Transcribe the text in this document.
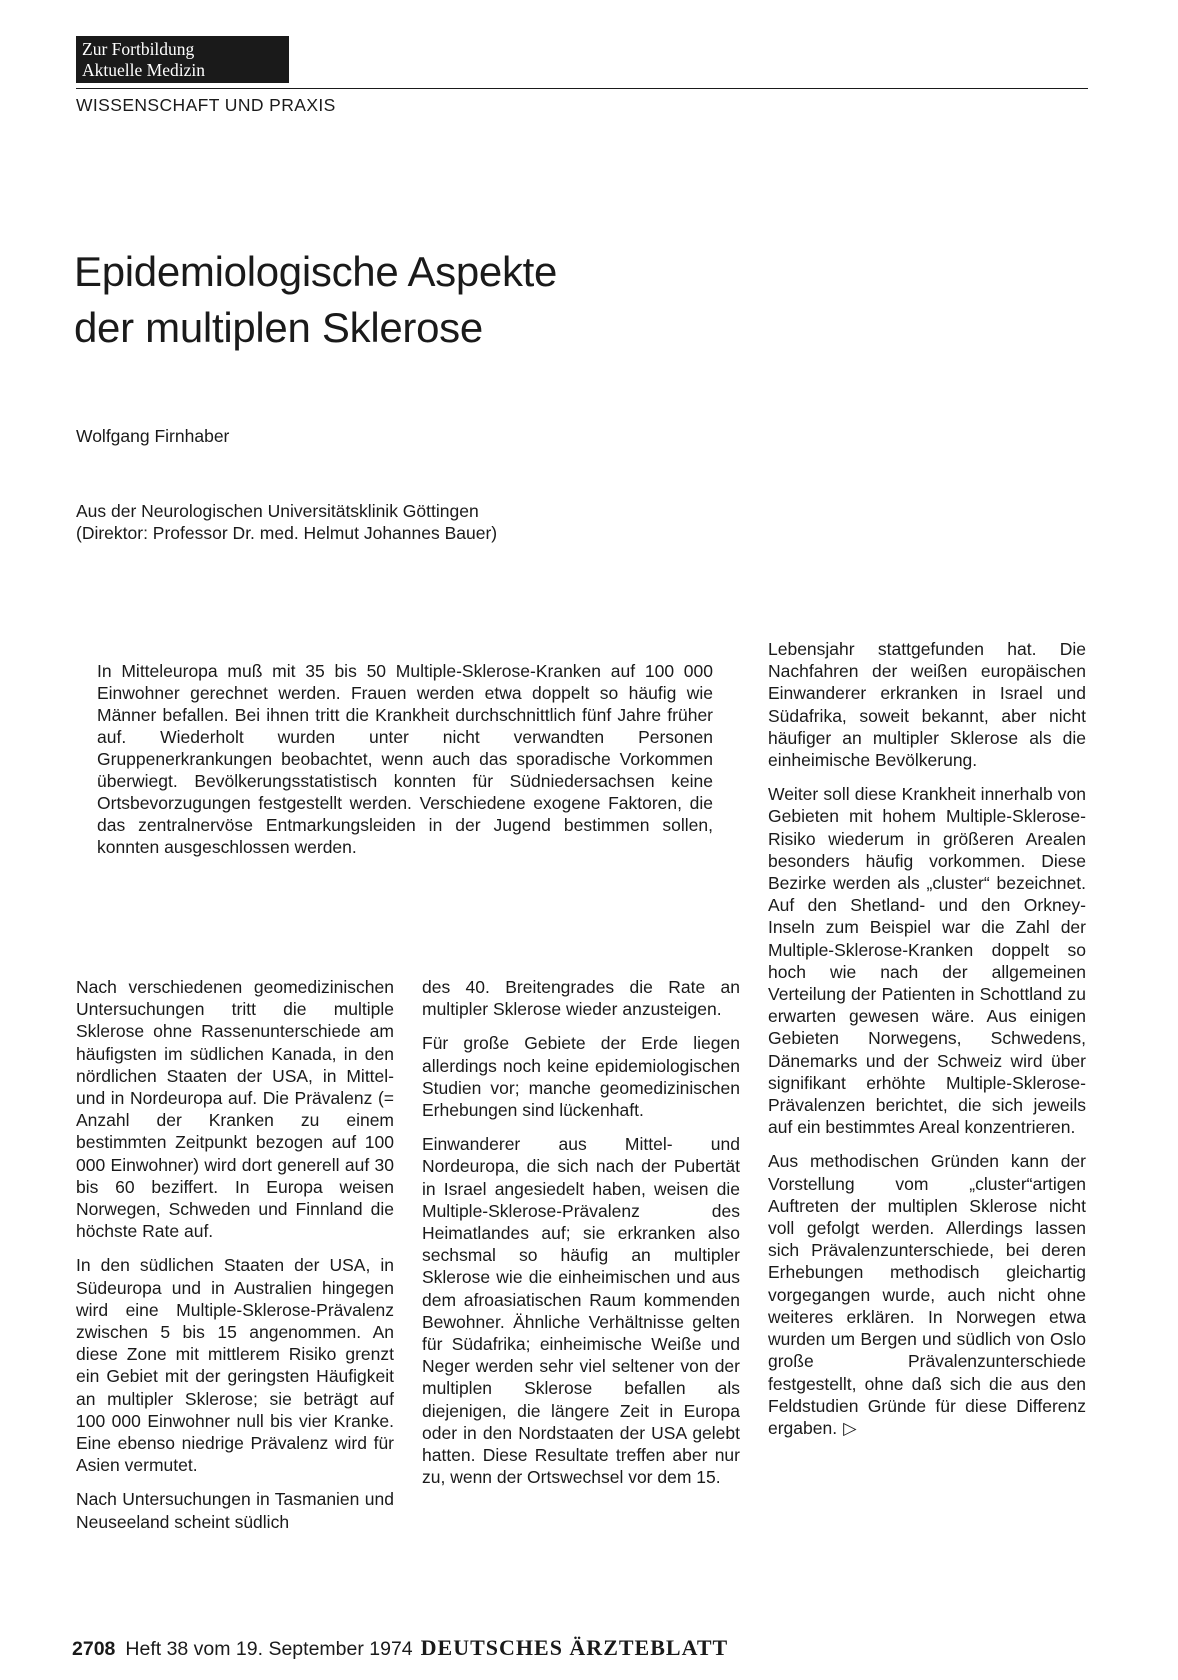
Zur Fortbildung
Aktuelle Medizin
WISSENSCHAFT UND PRAXIS
Epidemiologische Aspekte
der multiplen Sklerose
Wolfgang Firnhaber
Aus der Neurologischen Universitätsklinik Göttingen
(Direktor: Professor Dr. med. Helmut Johannes Bauer)

In Mitteleuropa muß mit 35 bis 50 Multiple-Sklerose-Kranken auf 100 000 Einwohner gerechnet werden. Frauen werden etwa doppelt so häufig wie Männer befallen. Bei ihnen tritt die Krankheit durchschnittlich fünf Jahre früher auf. Wiederholt wurden unter nicht verwandten Personen Gruppenerkrankungen beobachtet, wenn auch das sporadische Vorkommen überwiegt. Bevölkerungsstatistisch konnten für Südniedersachsen keine Ortsbevorzugungen festgestellt werden. Verschiedene exogene Faktoren, die das zentralnervöse Entmarkungsleiden in der Jugend bestimmen sollen, konnten ausgeschlossen werden.

Nach verschiedenen geomedizinischen Untersuchungen tritt die multiple Sklerose ohne Rassenunterschiede am häufigsten im südlichen Kanada, in den nördlichen Staaten der USA, in Mittel- und in Nordeuropa auf. Die Prävalenz (= Anzahl der Kranken zu einem bestimmten Zeitpunkt bezogen auf 100 000 Einwohner) wird dort generell auf 30 bis 60 beziffert. In Europa weisen Norwegen, Schweden und Finnland die höchste Rate auf.

In den südlichen Staaten der USA, in Südeuropa und in Australien hingegen wird eine Multiple-Sklerose-Prävalenz zwischen 5 bis 15 angenommen. An diese Zone mit mittlerem Risiko grenzt ein Gebiet mit der geringsten Häufigkeit an multipler Sklerose; sie beträgt auf 100 000 Einwohner null bis vier Kranke. Eine ebenso niedrige Prävalenz wird für Asien vermutet.

Nach Untersuchungen in Tasmanien und Neuseeland scheint südlich

des 40. Breitengrades die Rate an multipler Sklerose wieder anzusteigen.

Für große Gebiete der Erde liegen allerdings noch keine epidemiologischen Studien vor; manche geomedizinischen Erhebungen sind lückenhaft.

Einwanderer aus Mittel- und Nordeuropa, die sich nach der Pubertät in Israel angesiedelt haben, weisen die Multiple-Sklerose-Prävalenz des Heimatlandes auf; sie erkranken also sechsmal so häufig an multipler Sklerose wie die einheimischen und aus dem afroasiatischen Raum kommenden Bewohner. Ähnliche Verhältnisse gelten für Südafrika; einheimische Weiße und Neger werden sehr viel seltener von der multiplen Sklerose befallen als diejenigen, die längere Zeit in Europa oder in den Nordstaaten der USA gelebt hatten. Diese Resultate treffen aber nur zu, wenn der Ortswechsel vor dem 15.

Lebensjahr stattgefunden hat. Die Nachfahren der weißen europäischen Einwanderer erkranken in Israel und Südafrika, soweit bekannt, aber nicht häufiger an multipler Sklerose als die einheimische Bevölkerung.

Weiter soll diese Krankheit innerhalb von Gebieten mit hohem Multiple-Sklerose-Risiko wiederum in größeren Arealen besonders häufig vorkommen. Diese Bezirke werden als „cluster“ bezeichnet. Auf den Shetland- und den Orkney-Inseln zum Beispiel war die Zahl der Multiple-Sklerose-Kranken doppelt so hoch wie nach der allgemeinen Verteilung der Patienten in Schottland zu erwarten gewesen wäre. Aus einigen Gebieten Norwegens, Schwedens, Dänemarks und der Schweiz wird über signifikant erhöhte Multiple-Sklerose-Prävalenzen berichtet, die sich jeweils auf ein bestimmtes Areal konzentrieren.

Aus methodischen Gründen kann der Vorstellung vom „cluster“artigen Auftreten der multiplen Sklerose nicht voll gefolgt werden. Allerdings lassen sich Prävalenzunterschiede, bei deren Erhebungen methodisch gleichartig vorgegangen wurde, auch nicht ohne weiteres erklären. In Norwegen etwa wurden um Bergen und südlich von Oslo große Prävalenzunterschiede festgestellt, ohne daß sich die aus den Feldstudien Gründe für diese Differenz ergaben. ▷

2708 Heft 38 vom 19. September 1974 DEUTSCHES ÄRZTEBLATT
